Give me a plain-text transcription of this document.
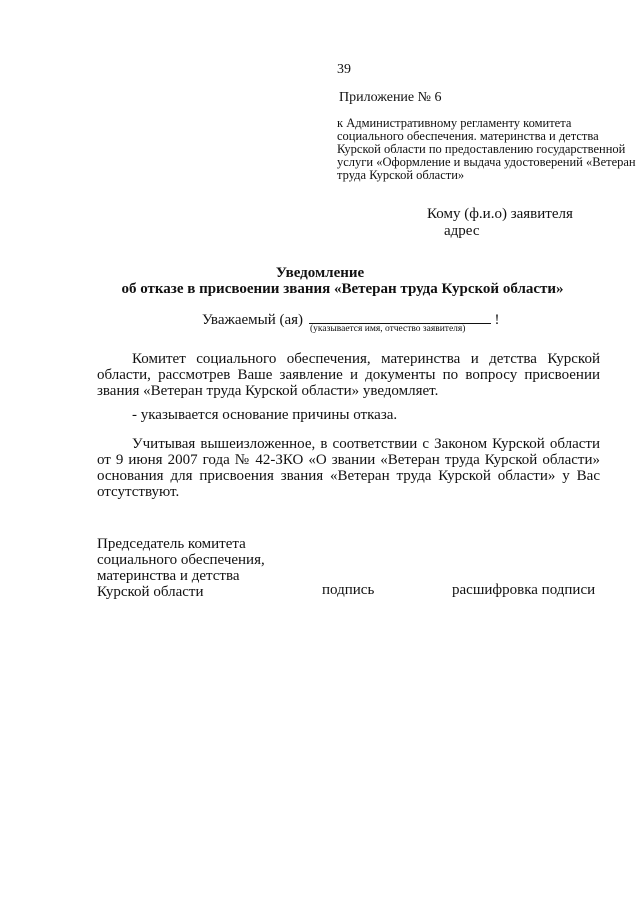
39
Приложение № 6
к Административному регламенту комитета социального обеспечения. материнства и детства Курской области по предоставлению государственной услуги «Оформление и выдача удостоверений «Ветеран труда Курской области»
Кому (ф.и.о) заявителя
адрес
Уведомление
об отказе в присвоении звания «Ветеран труда Курской области»
Уважаемый (ая)	!
(указывается имя, отчество заявителя)

Комитет социального обеспечения, материнства и детства Курской области, рассмотрев Ваше заявление и документы по вопросу присвоении звания «Ветеран труда Курской области» уведомляет.

- указывается основание причины отказа.

Учитывая вышеизложенное, в соответствии с Законом Курской области от 9 июня 2007 года № 42-ЗКО «О звании «Ветеран труда Курской области» основания для присвоения звания «Ветеран труда Курской области» у Вас отсутствуют.

Председатель комитета
социального обеспечения,
материнства и детства
Курской области	подпись	расшифровка подписи
